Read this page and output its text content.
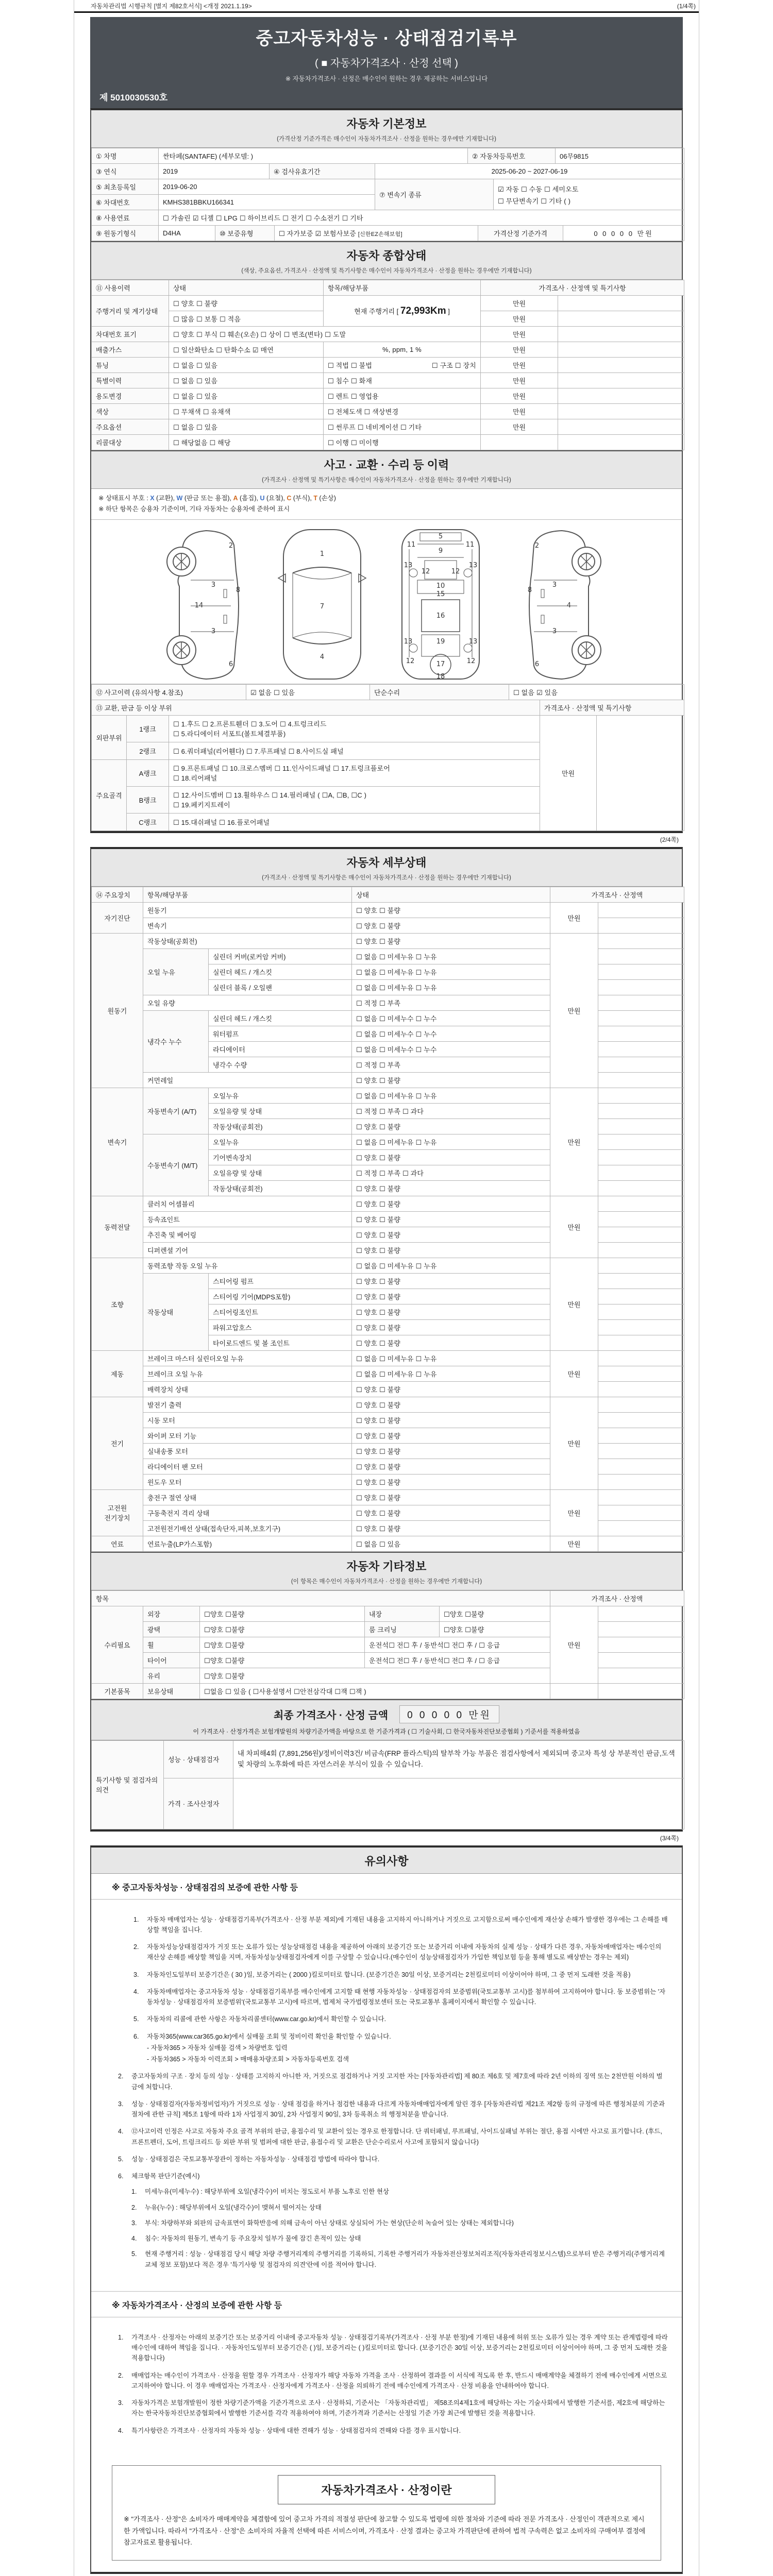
자동차관리법 시행규칙 [별지 제82호서식] <개정 2021.1.19>	(1/4쪽)
중고자동차성능 · 상태점검기록부
( ■ 자동차가격조사 · 산정 선택 )
※ 자동차가격조사 · 산정은 매수인이 원하는 경우 제공하는 서비스입니다
제 5010030530호
자동차 기본정보
(가격산정 기준가격은 매수인이 자동차가격조사 · 산정을 원하는 경우에만 기재합니다)
① 차명	싼타페(SANTAFE) (세부모델: )	② 자동차등록번호	06무9815
③ 연식	2019	④ 검사유효기간	2025-06-20 ~ 2027-06-19
⑤ 최초등록일	2019-06-20	⑦ 변속기 종류	☑ 자동 ☐ 수동 ☐ 세미오토
☐ 무단변속기 ☐ 기타 ( )

⑥ 차대번호	KMHS381BBKU166341		
⑧ 사용연료	☐ 가솔린 ☑ 디젤 ☐ LPG ☐ 하이브리드 ☐ 전기 ☐ 수소전기 ☐ 기타
⑨ 원동기형식	D4HA	⑩ 보증유형	☐ 자가보증 ☑ 보험사보증 [신한EZ손해보험]	가격산정 기준가격	0 0 0 0 0 만원
자동차 종합상태
(색상, 주요옵션, 가격조사 · 산정액 및 특기사항은 매수인이 자동차가격조사 · 산정을 원하는 경우에만 기재합니다)
⑪ 사용이력	상태	항목/해당부품	가격조사 · 산정액 및 특기사항	
주행거리 및 계기상태	☐ 양호 ☐ 불량	현재 주행거리 [ 72,993Km ]	만원	
	☐ 많음 ☐ 보통 ☐ 적음		만원	
차대번호 표기	☐ 양호 ☐ 부식 ☐ 훼손(오손) ☐ 상이 ☐ 변조(변타) ☐ 도말		만원	
배출가스	☐ 일산화탄소 ☐ 탄화수소 ☑ 매연	%, ppm, 1 %	만원	
튜닝	☐ 없음 ☐ 있음	☐ 적법 ☐ 불법 ☐ 구조 ☐ 장치	만원	
특별이력	☐ 없음 ☐ 있음	☐ 침수 ☐ 화재	만원	
용도변경	☐ 없음 ☐ 있음	☐ 렌트 ☐ 영업용	만원	
색상	☐ 무채색 ☐ 유채색	☐ 전체도색 ☐ 색상변경	만원	
주요옵션	☐ 없음 ☐ 있음	☐ 썬루프 ☐ 네비게이션 ☐ 기타	만원	
리콜대상	☐ 해당없음 ☐ 해당	☐ 이행 ☐ 미이행		
사고 · 교환 · 수리 등 이력
(가격조사 · 산정액 및 특기사항은 매수인이 자동차가격조사 · 산정을 원하는 경우에만 기재합니다)
※ 상태표시 부호 : X (교환), W (판금 또는 용접), A (흠집), U (요철), C (부식), T (손상)
※ 하단 항목은 승용차 기준이며, 기타 자동차는 승용차에 준하여 표시
2
8
3
14
3
6
1
7
4
5
11	11
9
13	13
12	12
10
15
16
13	13
19
12	12
17
18
2
8
3
4
3
6
⑫ 사고이력 (유의사항 4.참조)	☑ 없음 ☐ 있음	단순수리	☐ 없음 ☑ 있음
⑬ 교환, 판금 등 이상 부위	가격조사 · 산정액 및 특기사항
외판부위	1랭크	☐ 1.후드 ☐ 2.프론트휀더 ☐ 3.도어 ☐ 4.트렁크리드
☐ 5.라디에이터 서포트(볼트체결부품)	만원	
	2랭크	☐ 6.쿼더패널(리어휀다) ☐ 7.루프패널 ☐ 8.사이드실 패널		
주요골격	A랭크	☐ 9.프론트패널 ☐ 10.크로스멤버 ☐ 11.인사이드패널 ☐ 17.트렁크플로어
☐ 18.리어패널		
	B랭크	☐ 12.사이드멤버 ☐ 13.휠하우스 ☐ 14.필러패널 ( ☐A, ☐B, ☐C )
☐ 19.페키지트레이		
	C랭크	☐ 15.대쉬패널 ☐ 16.플로어패널		
(2/4쪽)
자동차 세부상태
(가격조사 · 산정액 및 특기사항은 매수인이 자동차가격조사 · 산정을 원하는 경우에만 기재합니다)
⑭ 주요장치	항목/해당부품		상태	가격조사 · 산정액	
자기진단	원동기		☐ 양호 ☐ 불량	만원	
	변속기		☐ 양호 ☐ 불량		
원동기	작동상태(공회전)		☐ 양호 ☐ 불량	만원	
	오일 누유	실린더 커버(로커암 커버)	☐ 없음 ☐ 미세누유 ☐ 누유		
		실린더 헤드 / 개스킷	☐ 없음 ☐ 미세누유 ☐ 누유		
		실린더 블록 / 오일팬	☐ 없음 ☐ 미세누유 ☐ 누유		
	오일 유량		☐ 적정 ☐ 부족		
	냉각수 누수	실린더 헤드 / 개스킷	☐ 없음 ☐ 미세누수 ☐ 누수		
		워터펌프	☐ 없음 ☐ 미세누수 ☐ 누수		
		라디에이터	☐ 없음 ☐ 미세누수 ☐ 누수		
		냉각수 수량	☐ 적정 ☐ 부족		
	커먼레일		☐ 양호 ☐ 불량		
변속기	자동변속기 (A/T)	오일누유	☐ 없음 ☐ 미세누유 ☐ 누유	만원	
		오일유량 및 상태	☐ 적정 ☐ 부족 ☐ 과다		
		작동상태(공회전)	☐ 양호 ☐ 불량		
	수동변속기 (M/T)	오일누유	☐ 없음 ☐ 미세누유 ☐ 누유		
		기어변속장치	☐ 양호 ☐ 불량		
		오일유량 및 상태	☐ 적정 ☐ 부족 ☐ 과다		
		작동상태(공회전)	☐ 양호 ☐ 불량		
동력전달	클러치 어셈블리		☐ 양호 ☐ 불량	만원	
	등속죠인트		☐ 양호 ☐ 불량		
	추진축 및 베어링		☐ 양호 ☐ 불량		
	디퍼렌셜 기어		☐ 양호 ☐ 불량		
조향	동력조향 작동 오일 누유		☐ 없음 ☐ 미세누유 ☐ 누유	만원	
	작동상태	스티어링 펌프	☐ 양호 ☐ 불량		
		스티어링 기어(MDPS포함)	☐ 양호 ☐ 불량		
		스티어링조인트	☐ 양호 ☐ 불량		
		파워고압호스	☐ 양호 ☐ 불량		
		타이로드엔드 및 볼 조인트	☐ 양호 ☐ 불량		
제동	브레이크 마스터 실린더오일 누유		☐ 없음 ☐ 미세누유 ☐ 누유	만원	
	브레이크 오일 누유		☐ 없음 ☐ 미세누유 ☐ 누유		
	배력장치 상태		☐ 양호 ☐ 불량		
전기	발전기 출력		☐ 양호 ☐ 불량	만원	
	시동 모터		☐ 양호 ☐ 불량		
	와이퍼 모터 기능		☐ 양호 ☐ 불량		
	실내송풍 모터		☐ 양호 ☐ 불량		
	라디에이터 팬 모터		☐ 양호 ☐ 불량		
	윈도우 모터		☐ 양호 ☐ 불량		
고전원 전기장치	충전구 절연 상태		☐ 양호 ☐ 불량	만원	
	구동축전지 격리 상태		☐ 양호 ☐ 불량		
	고전원전기배선 상태(접속단자,피복,보호기구)		☐ 양호 ☐ 불량		
연료	연료누출(LP가스포함)		☐ 없음 ☐ 있음	만원	
자동차 기타정보
(이 항목은 매수인이 자동차가격조사 · 산정을 원하는 경우에만 기재합니다)
항목					가격조사 · 산정액	
수리필요	외장	☐양호 ☐불량	내장	☐양호 ☐불량	만원	
	광택	☐양호 ☐불량	룸 크리닝	☐양호 ☐불량		
	휠	☐양호 ☐불량	운전석☐ 전☐ 후 / 동반석☐ 전☐ 후 / ☐ 응급			
	타이어	☐양호 ☐불량	운전석☐ 전☐ 후 / 동반석☐ 전☐ 후 / ☐ 응급			
	유리	☐양호 ☐불량				
기본품목	보유상태	☐없음 ☐ 있음 ( ☐사용설명서 ☐안전삼각대 ☐잭 ☐잭 )				
최종 가격조사 · 산정 금액	0 0 0 0 0 만원
이 가격조사 · 산정가격은 보험개발원의 차량기준가액을 바탕으로 한 기준가격과 ( ☐ 기술사회, ☐ 한국자동차진단보증협회 ) 기준서를 적용하였음
특기사항 및 점검자의 의견	성능 · 상태점검자	내 차피해4회 (7,891,256원)/정비이력3건/ 비금속(FRP 플라스틱)의 탈부착 가능 부품은 점검사항에서 제외되며 중고차 특성 상 부분적인 판금,도색 및 차량의 노후화에 따른 자연스러운 부식이 있을 수 있습니다.
	가격 · 조사산정자	
(3/4쪽)
유의사항
※ 중고자동차성능 · 상태점검의 보증에 관한 사항 등
1.	자동차 매매업자는 성능 · 상태점검기록부(가격조사 · 산정 부분 제외)에 기재된 내용을 고지하지 아니하거나 거짓으로 고지함으로써 매수인에게 재산상 손해가 발생한 경우에는 그 손해를 배상할 책임을 집니다.
2.	자동차성능상태점검자가 거짓 또는 오류가 있는 성능상태점검 내용을 제공하여 아래의 보증기간 또는 보증거리 이내에 자동차의 실제 성능 · 상태가 다른 경우, 자동차매매업자는 매수인의 재산상 손해를 배상할 책임을 지며, 자동차성능상태점검자에게 이를 구상할 수 있습니다.(매수인이 성능상태점검자가 가입한 책임보험 등을 통해 별도로 배상받는 경우는 제외)
3.	자동차인도일부터 보증기간은 ( 30 )일, 보증거리는 ( 2000 )킬로미터로 합니다. (보증기간은 30일 이상, 보증거리는 2천킬로미터 이상이어야 하며, 그 중 먼저 도래한 것을 적용)
4.	자동차매매업자는 중고자동차 성능 · 상태점검기록부를 매수인에게 고지할 때 현행 자동차성능 · 상태점검자의 보증범위(국토교통부 고시)를 첨부하여 고지하여야 합니다. 동 보증범위는 '자동차성능 · 상태점검자의 보증범위'(국토교통부 고시)에 따르며, 법제처 국가법령정보센터 또는 국토교통부 홈페이지에서 확인할 수 있습니다.
5.	자동차의 리콜에 관한 사항은 자동차리콜센터(www.car.go.kr)에서 확인할 수 있습니다.
6.	자동차365(www.car365.go.kr)에서 실매물 조회 및 정비이력 확인을 확인할 수 있습니다.
- 자동차365 > 자동차 실매물 검색 > 차량번호 입력
- 자동차365 > 자동차 이력조회 > 매매용차량조회 > 자동차등록번호 검색
2.	중고자동차의 구조 · 장치 등의 성능 · 상태를 고지하지 아니한 자, 거짓으로 점검하거나 거짓 고지한 자는 [자동차관리법] 제 80조 제6호 및 제7호에 따라 2년 이하의 징역 또는 2천만원 이하의 벌금에 처합니다.
3.	성능 · 상태점검자(자동차정비업자)가 거짓으로 성능 · 상태 점검을 하거나 점검한 내용과 다르게 자동차매매업자에게 알린 경우 [자동차관리법 제21조 제2항 등의 규정에 따른 행정처분의 기준과 절차에 관한 규칙] 제5조 1항에 따라 1차 사업정지 30일, 2차 사업정지 90일, 3차 등록취소 의 행정처분을 받습니다.
4.	⑫사고이력 인정은 사고로 자동차 주요 골격 부위의 판금, 용접수리 및 교환이 있는 경우로 한정합니다. 단 쿼터패널, 루프패널, 사이드실패널 부위는 절단, 용접 시에만 사고로 표기합니다. (후드, 프론트펜더, 도어, 트렁크리드 등 외판 부위 및 범퍼에 대한 판금, 용접수리 및 교환은 단순수리로서 사고에 포함되지 않습니다)
5.	성능 · 상태점검은 국토교통부장관이 정하는 자동차성능 · 상태점검 방법에 따라야 합니다.
6.	체크항목 판단기준(예시)
1.	미세누유(미세누수) : 해당부위에 오일(냉각수)이 비치는 정도로서 부품 노후로 인한 현상
2.	누유(누수) : 해당부위에서 오일(냉각수)이 맺혀서 떨어지는 상태
3.	부식: 차량하부와 외판의 금속표면이 화학반응에 의해 금속이 아닌 상태로 상실되어 가는 현상(단순히 녹슬어 있는 상태는 제외합니다)
4.	침수: 자동차의 원동기, 변속기 등 주요장치 일부가 물에 잠긴 흔적이 있는 상태
5.	현재 주행거리 : 성능 · 상태점검 당시 해당 차량 주행거리계의 주행거리를 기록하되, 기록한 주행거리가 자동차전산정보처리조직(자동차관리정보시스템)으로부터 받은 주행거리(주행거리계 교체 정보 포함)보다 적은 경우 '특기사항 및 점검자의 의견'란에 이를 적어야 합니다.
※ 자동차가격조사 · 산정의 보증에 관한 사항 등
1.	가격조사 · 산정자는 아래의 보증기간 또는 보증거리 이내에 중고자동차 성능 · 상태점검기록부(가격조사 · 산정 부분 한정)에 기재된 내용에 허위 또는 오류가 있는 경우 계약 또는 관계법령에 따라 매수인에 대하여 책임을 집니다. · 자동차인도일부터 보증기간은 ( )일, 보증거리는 ( )킬로미터로 합니다. (보증기간은 30일 이상, 보증거리는 2천킬로미터 이상이어야 하며, 그 중 먼저 도래한 것을 적용합니다)
2.	매매업자는 매수인이 가격조사 · 산정을 원할 경우 가격조사 · 산정자가 해당 자동차 가격을 조사 · 산정하여 결과를 이 서식에 적도록 한 후, 반드시 매매계약을 체결하기 전에 매수인에게 서면으로 고지하여야 합니다. 이 경우 매매업자는 가격조사 · 산정자에게 가격조사 · 산정을 의뢰하기 전에 매수인에게 가격조사 · 산정 비용을 안내하여야 합니다.
3.	자동차가격은 보험개발원이 정한 차량기준가액을 기준가격으로 조사 · 산정하되, 기준서는 「자동차관리법」 제58조의4제1호에 해당하는 자는 기술사회에서 발행한 기준서를, 제2호에 해당하는 자는 한국자동차진단보증협회에서 발행한 기준서를 각각 적용하여야 하며, 기준가격과 기준서는 산정일 기준 가장 최근에 발행된 것을 적용합니다.
4.	특기사항란은 가격조사 · 산정자의 자동차 성능 · 상태에 대한 견해가 성능 · 상태점검자의 견해와 다를 경우 표시합니다.
자동차가격조사 · 산정이란
※ "가격조사 · 산정"은 소비자가 매매계약을 체결함에 있어 중고차 가격의 적절성 판단에 참고할 수 있도록 법령에 의한 절차와 기준에 따라 전문 가격조사 · 산정인이 객관적으로 제시한 가액입니다. 따라서 "가격조사 · 산정"은 소비자의 자율적 선택에 따른 서비스이며, 가격조사 · 산정 결과는 중고차 가격판단에 관하여 법적 구속력은 없고 소비자의 구매여부 결정에 참고자료로 활용됩니다.
